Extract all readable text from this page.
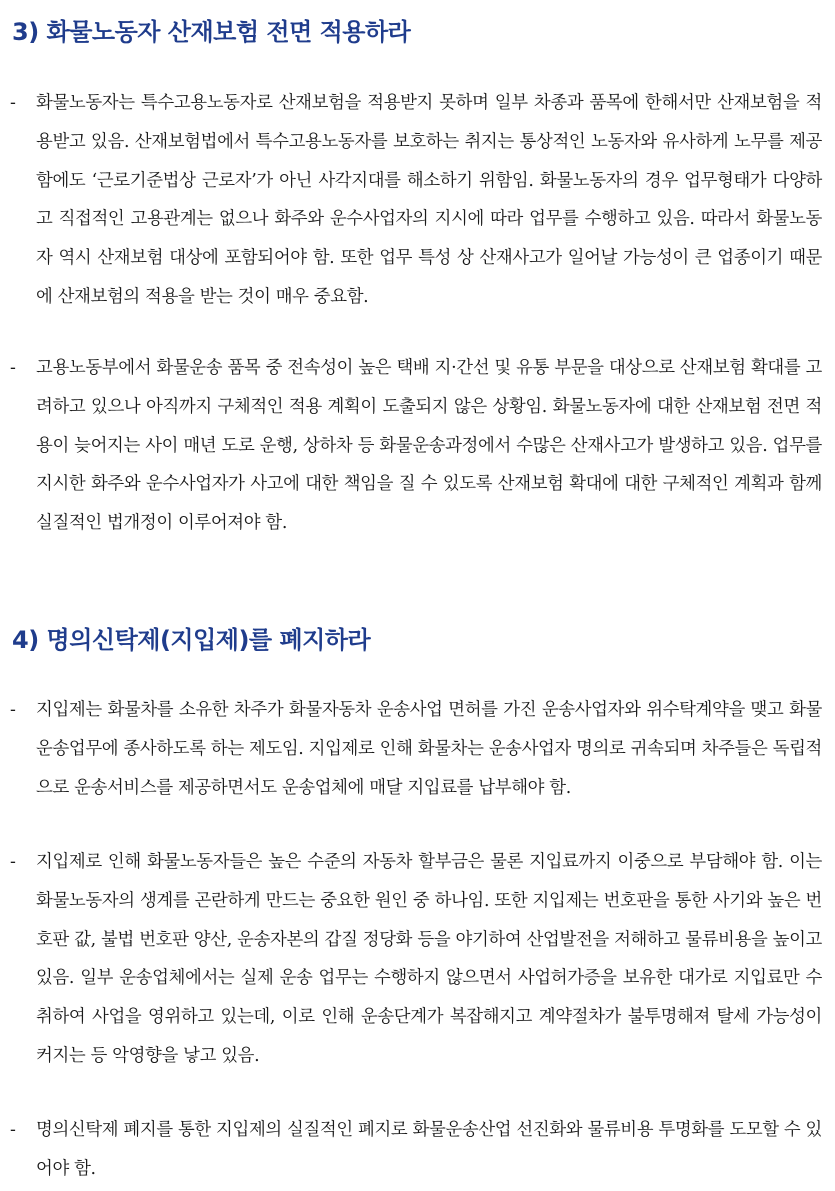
3) 화물노동자 산재보험 전면 적용하라
-	화물노동자는 특수고용노동자로 산재보험을 적용받지 못하며 일부 차종과 품목에 한해서만 산재보험을 적용받고 있음. 산재보험법에서 특수고용노동자를 보호하는 취지는 통상적인 노동자와 유사하게 노무를 제공함에도 ‘근로기준법상 근로자’가 아닌 사각지대를 해소하기 위함임. 화물노동자의 경우 업무형태가 다양하고 직접적인 고용관계는 없으나 화주와 운수사업자의 지시에 따라 업무를 수행하고 있음. 따라서 화물노동자 역시 산재보험 대상에 포함되어야 함. 또한 업무 특성 상 산재사고가 일어날 가능성이 큰 업종이기 때문에 산재보험의 적용을 받는 것이 매우 중요함.
-	고용노동부에서 화물운송 품목 중 전속성이 높은 택배 지·간선 및 유통 부문을 대상으로 산재보험 확대를 고려하고 있으나 아직까지 구체적인 적용 계획이 도출되지 않은 상황임. 화물노동자에 대한 산재보험 전면 적용이 늦어지는 사이 매년 도로 운행, 상하차 등 화물운송과정에서 수많은 산재사고가 발생하고 있음. 업무를 지시한 화주와 운수사업자가 사고에 대한 책임을 질 수 있도록 산재보험 확대에 대한 구체적인 계획과 함께 실질적인 법개정이 이루어져야 함.
4) 명의신탁제(지입제)를 폐지하라
-	지입제는 화물차를 소유한 차주가 화물자동차 운송사업 면허를 가진 운송사업자와 위수탁계약을 맺고 화물운송업무에 종사하도록 하는 제도임. 지입제로 인해 화물차는 운송사업자 명의로 귀속되며 차주들은 독립적으로 운송서비스를 제공하면서도 운송업체에 매달 지입료를 납부해야 함.
-	지입제로 인해 화물노동자들은 높은 수준의 자동차 할부금은 물론 지입료까지 이중으로 부담해야 함. 이는 화물노동자의 생계를 곤란하게 만드는 중요한 원인 중 하나임. 또한 지입제는 번호판을 통한 사기와 높은 번호판 값, 불법 번호판 양산, 운송자본의 갑질 정당화 등을 야기하여 산업발전을 저해하고 물류비용을 높이고 있음. 일부 운송업체에서는 실제 운송 업무는 수행하지 않으면서 사업허가증을 보유한 대가로 지입료만 수취하여 사업을 영위하고 있는데, 이로 인해 운송단계가 복잡해지고 계약절차가 불투명해져 탈세 가능성이 커지는 등 악영향을 낳고 있음.
-	명의신탁제 폐지를 통한 지입제의 실질적인 폐지로 화물운송산업 선진화와 물류비용 투명화를 도모할 수 있어야 함.
